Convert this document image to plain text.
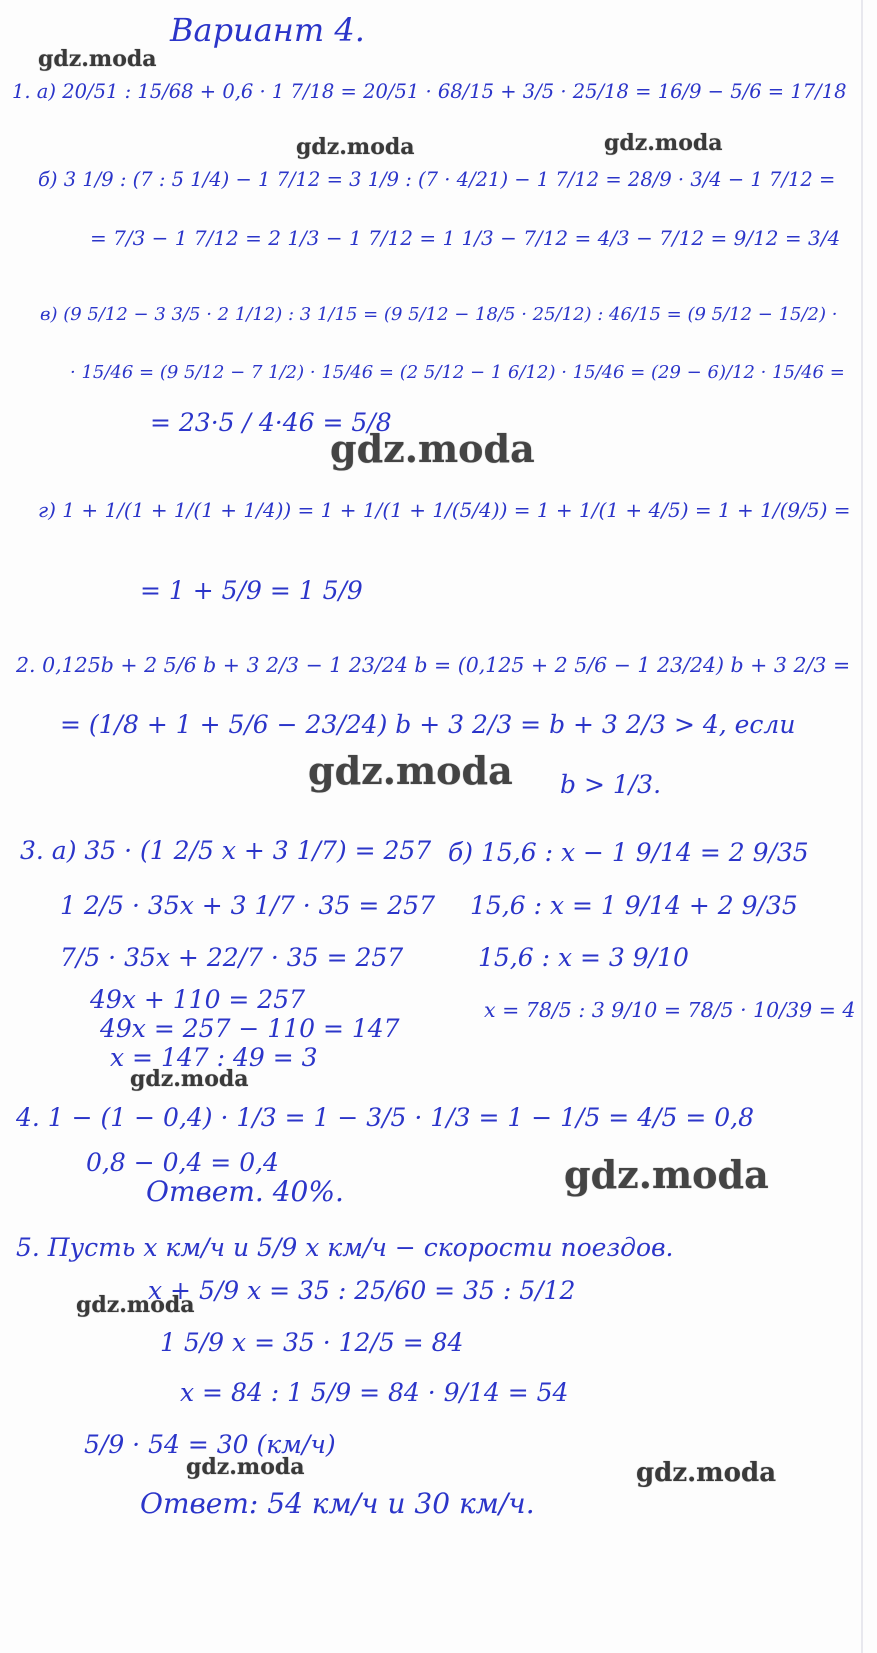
Вариант 4.
1. а) 20/51 : 15/68 + 0,6 · 1 7/18 = 20/51 · 68/15 + 3/5 · 25/18 = 16/9 − 5/6 = 17/18
б) 3 1/9 : (7 : 5 1/4) − 1 7/12 = 3 1/9 : (7 · 4/21) − 1 7/12 = 28/9 · 3/4 − 1 7/12 =
= 7/3 − 1 7/12 = 2 1/3 − 1 7/12 = 1 1/3 − 7/12 = 4/3 − 7/12 = 9/12 = 3/4
в) (9 5/12 − 3 3/5 · 2 1/12) : 3 1/15 = (9 5/12 − 18/5 · 25/12) : 46/15 = (9 5/12 − 15/2) ·
· 15/46 = (9 5/12 − 7 1/2) · 15/46 = (2 5/12 − 1 6/12) · 15/46 = (29 − 6)/12 · 15/46 =
= 23·5 / 4·46 = 5/8
г) 1 + 1/(1 + 1/(1 + 1/4)) = 1 + 1/(1 + 1/(5/4)) = 1 + 1/(1 + 4/5) = 1 + 1/(9/5) =
= 1 + 5/9 = 1 5/9
2. 0,125b + 2 5/6 b + 3 2/3 − 1 23/24 b = (0,125 + 2 5/6 − 1 23/24) b + 3 2/3 =
= (1/8 + 1 + 5/6 − 23/24) b + 3 2/3 = b + 3 2/3 > 4, если
b > 1/3.
3. а) 35 · (1 2/5 x + 3 1/7) = 257
1 2/5 · 35x + 3 1/7 · 35 = 257
7/5 · 35x + 22/7 · 35 = 257
49x + 110 = 257
49x = 257 − 110 = 147
x = 147 : 49 = 3
б) 15,6 : x − 1 9/14 = 2 9/35
15,6 : x = 1 9/14 + 2 9/35
15,6 : x = 3 9/10
x = 78/5 : 3 9/10 = 78/5 · 10/39 = 4
4. 1 − (1 − 0,4) · 1/3 = 1 − 3/5 · 1/3 = 1 − 1/5 = 4/5 = 0,8
0,8 − 0,4 = 0,4
Ответ. 40%.
5. Пусть x км/ч и 5/9 x км/ч − скорости поездов.
x + 5/9 x = 35 : 25/60 = 35 : 5/12
1 5/9 x = 35 · 12/5 = 84
x = 84 : 1 5/9 = 84 · 9/14 = 54
5/9 · 54 = 30 (км/ч)
Ответ: 54 км/ч и 30 км/ч.
gdz.moda
gdz.moda	gdz.moda
gdz.moda
gdz.moda
gdz.moda
gdz.moda
gdz.moda
gdz.moda	gdz.moda
